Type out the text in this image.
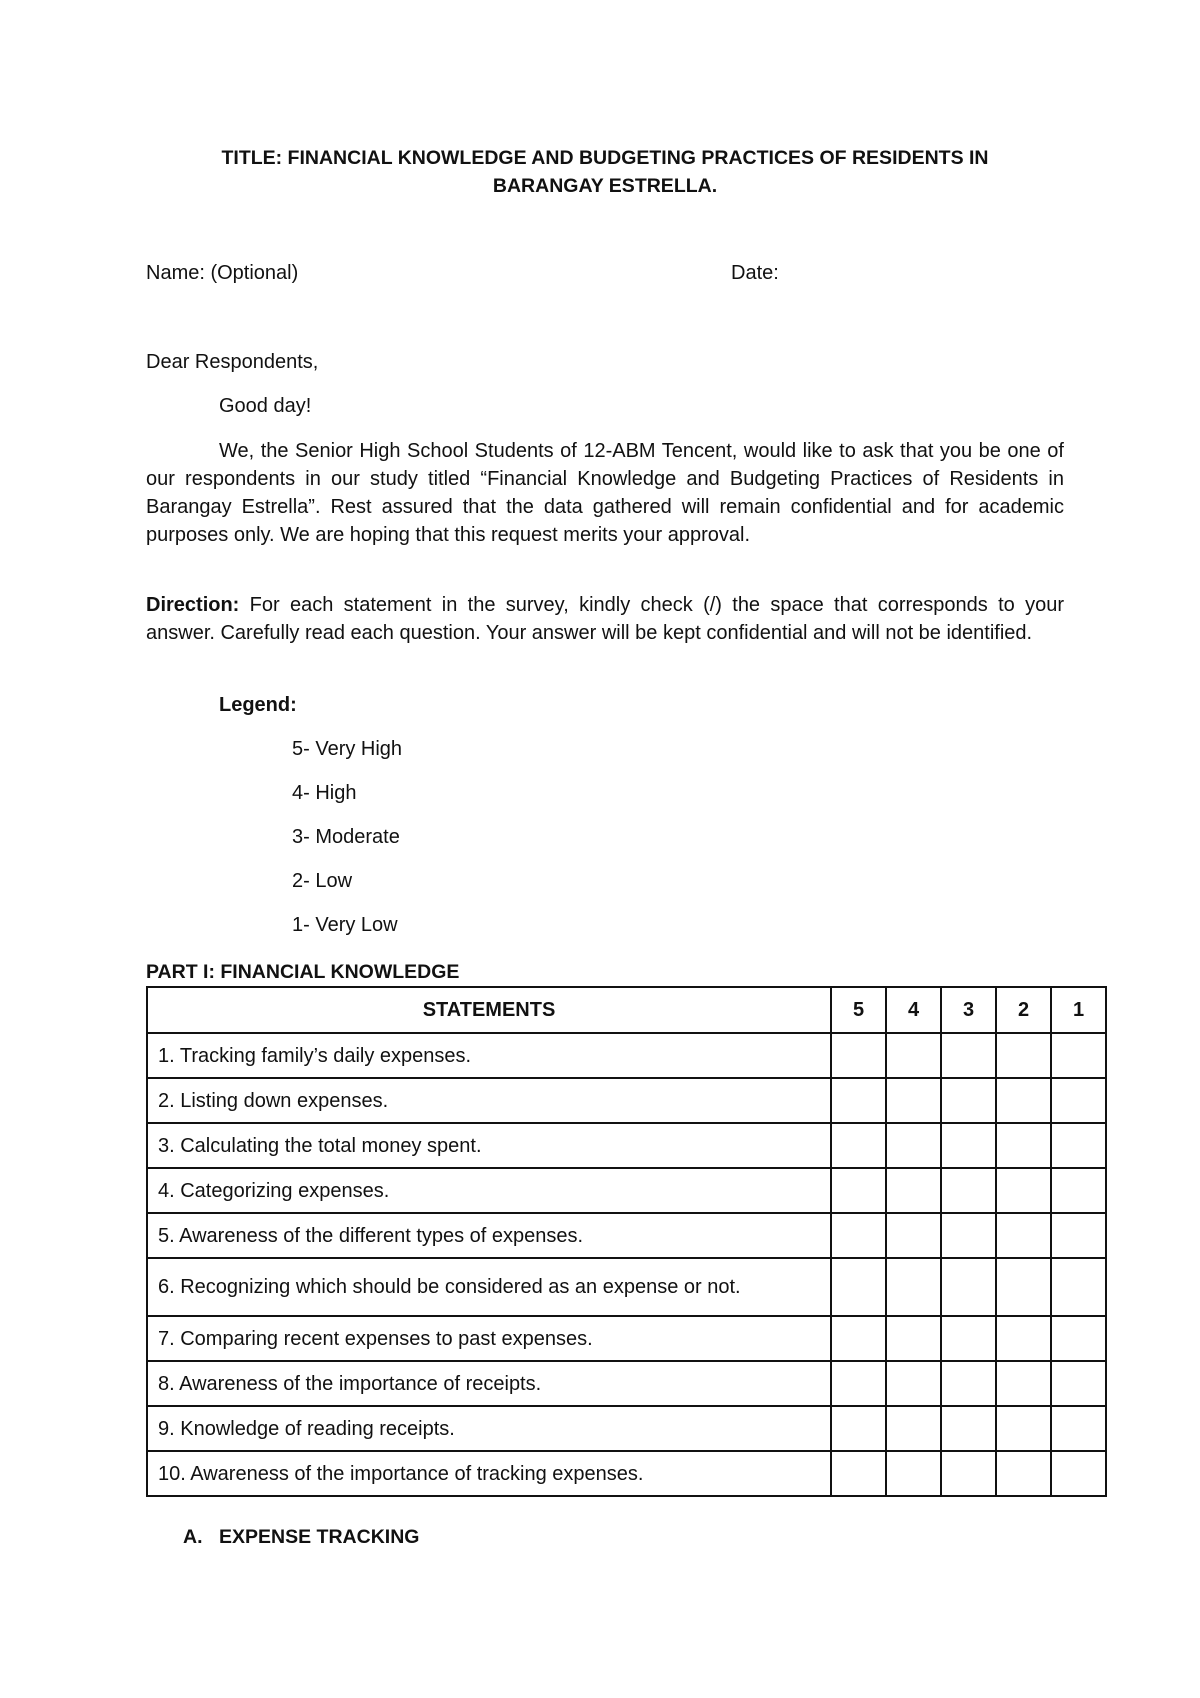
TITLE: FINANCIAL KNOWLEDGE AND BUDGETING PRACTICES OF RESIDENTS IN
BARANGAY ESTRELLA.
Name: (Optional)	Date:
Dear Respondents,
Good day!

We, the Senior High School Students of 12-ABM Tencent, would like to ask that you be one of our respondents in our study titled “Financial Knowledge and Budgeting Practices of Residents in Barangay Estrella”. Rest assured that the data gathered will remain confidential and for academic purposes only. We are hoping that this request merits your approval.

Direction: For each statement in the survey, kindly check (/) the space that corresponds to your answer. Carefully read each question. Your answer will be kept confidential and will not be identified.

Legend:
5- Very High
4- High
3- Moderate
2- Low
1- Very Low
PART I: FINANCIAL KNOWLEDGE
STATEMENTS	5	4	3	2	1
1. Tracking family’s daily expenses.					
2. Listing down expenses.					
3. Calculating the total money spent.					
4. Categorizing expenses.					
5. Awareness of the different types of expenses.					
6. Recognizing which should be considered as an expense or not.					
7. Comparing recent expenses to past expenses.					
8. Awareness of the importance of receipts.					
9. Knowledge of reading receipts.					
10. Awareness of the importance of tracking expenses.					
A. EXPENSE TRACKING
